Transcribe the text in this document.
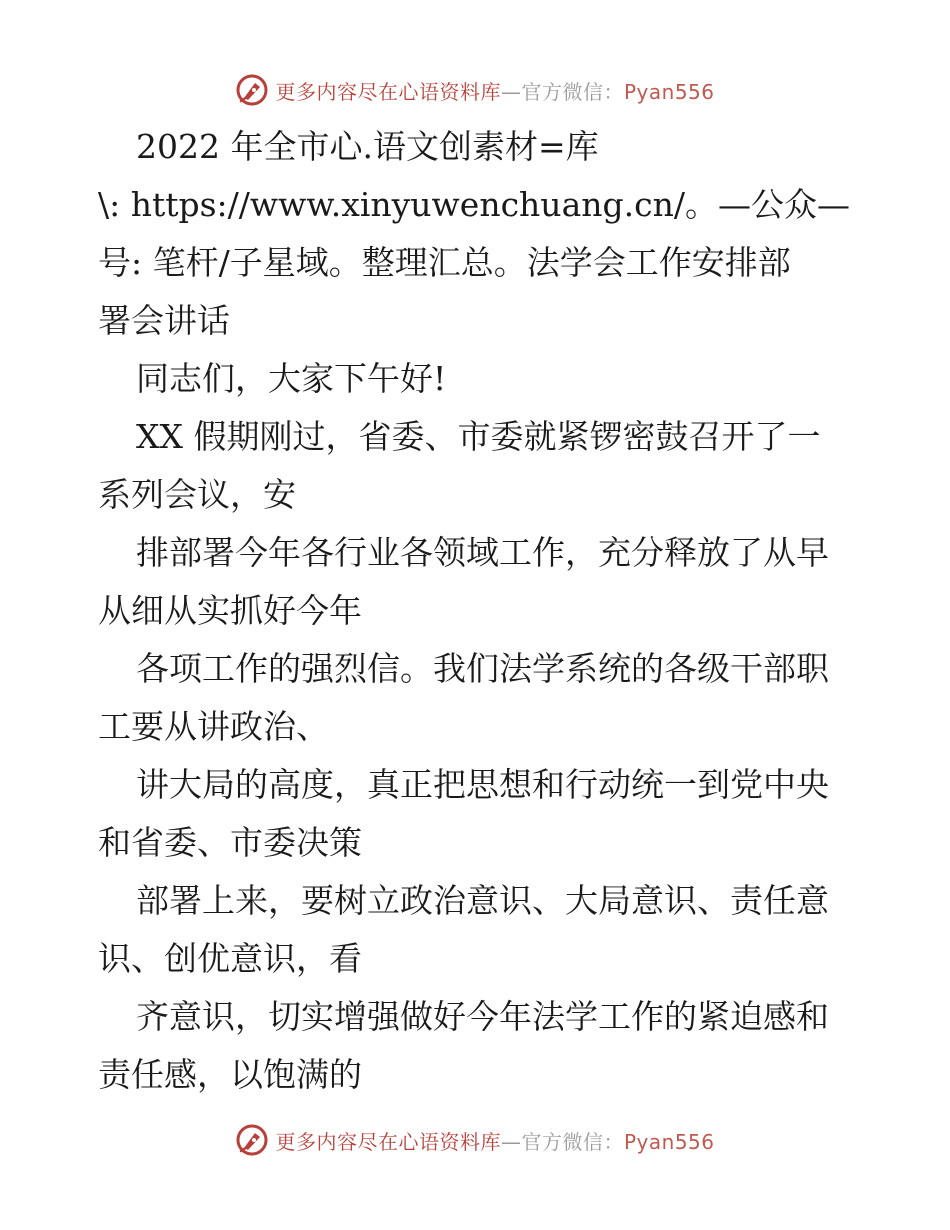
更多内容尽在心语资料库—官方微信：Pyan556
2022 年全市心.语文创素材=库
\: https://www.xinyuwenchuang.cn/。—公众—
号: 笔杆/子星域。整理汇总。法学会工作安排部
署会讲话
同志们，大家下午好!
XX 假期刚过，省委、市委就紧锣密鼓召开了一
系列会议，安
排部署今年各行业各领域工作，充分释放了从早
从细从实抓好今年
各项工作的强烈信。我们法学系统的各级干部职
工要从讲政治、
讲大局的高度，真正把思想和行动统一到党中央
和省委、市委决策
部署上来，要树立政治意识、大局意识、责任意
识、创优意识，看
齐意识，切实增强做好今年法学工作的紧迫感和
责任感，以饱满的
更多内容尽在心语资料库—官方微信：Pyan556
